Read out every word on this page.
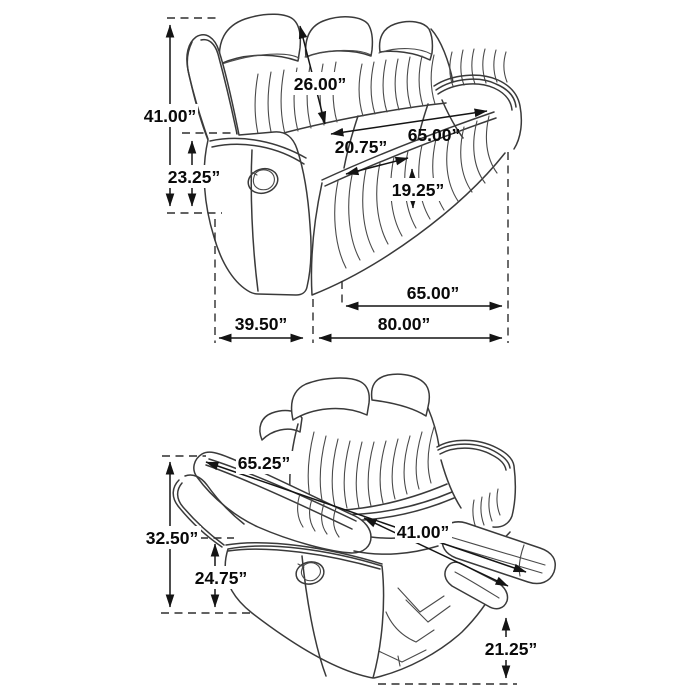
41.00”
23.25”
26.00”
65.00”
20.75”
19.25”
65.00”
39.50”	80.00”
32.50”
24.75”
65.25”
41.00”
21.25”
